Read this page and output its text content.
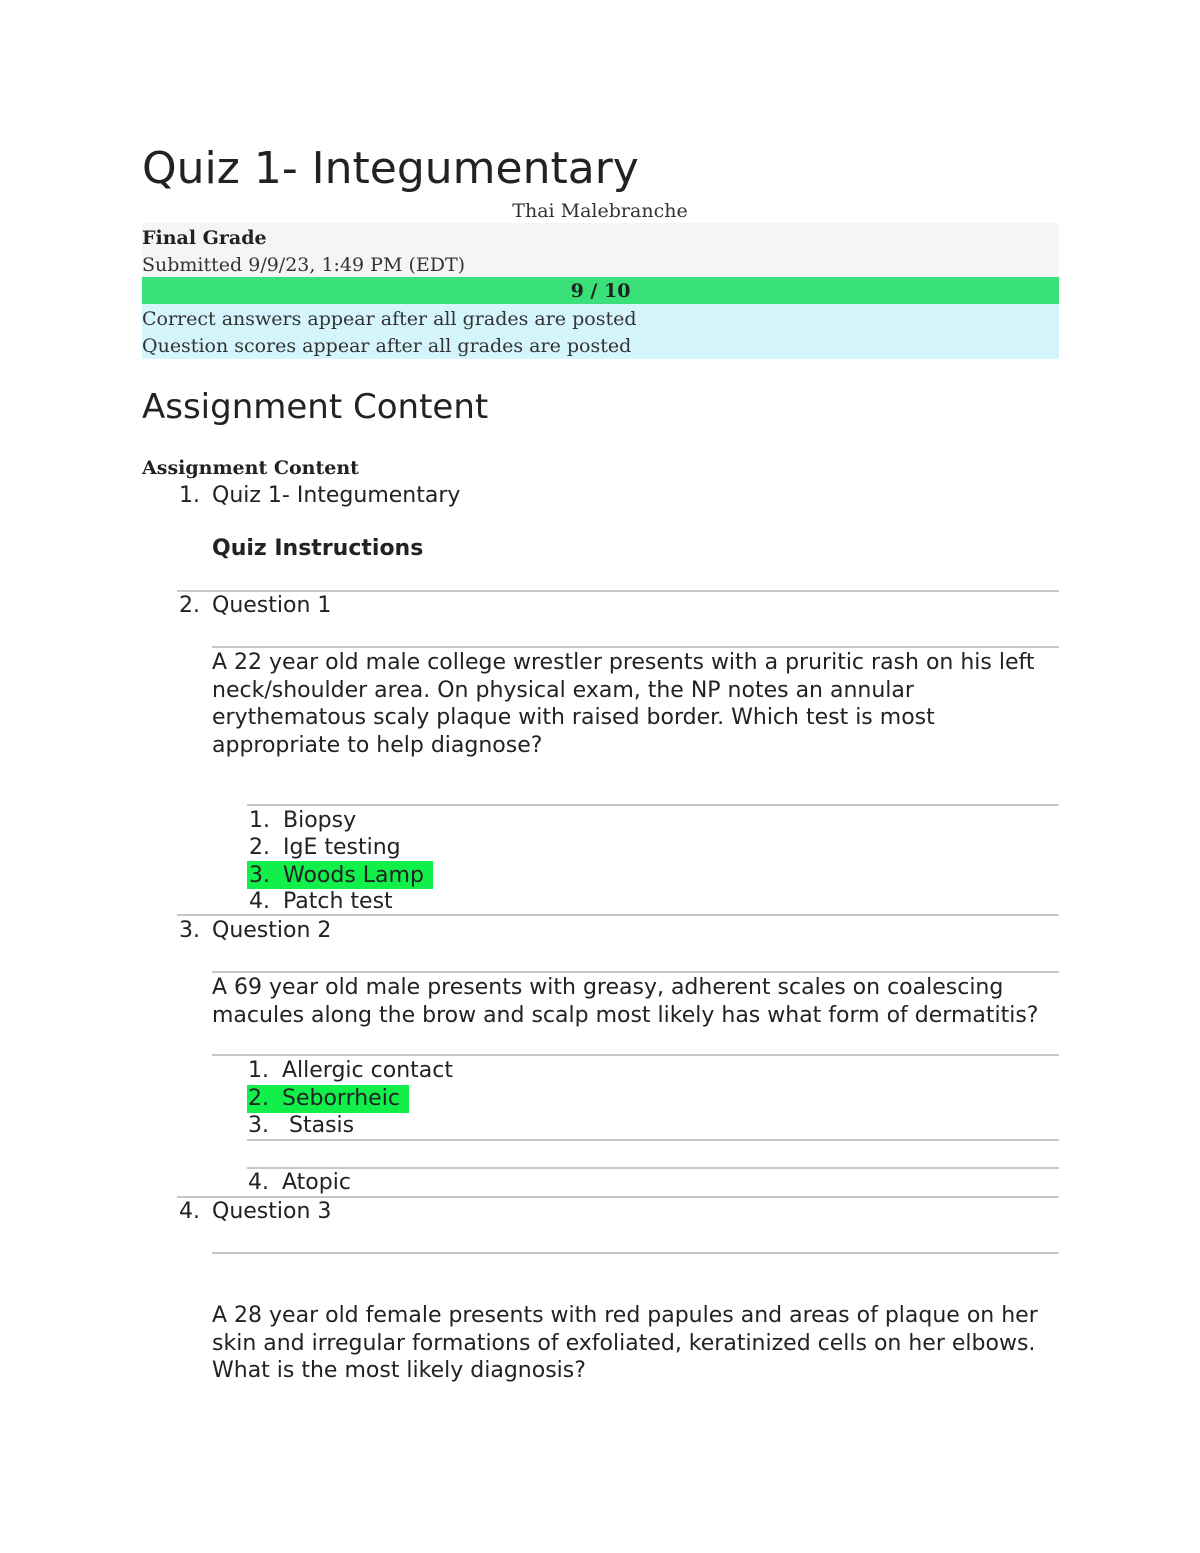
Quiz 1- Integumentary
Thai Malebranche
Final Grade
Submitted 9/9/23, 1:49 PM (EDT)
9 / 10
Correct answers appear after all grades are posted
Question scores appear after all grades are posted
Assignment Content
Assignment Content
1. Quiz 1- Integumentary
Quiz Instructions
2. Question 1
A 22 year old male college wrestler presents with a pruritic rash on his left neck/shoulder area. On physical exam, the NP notes an annular erythematous scaly plaque with raised border. Which test is most appropriate to help diagnose?
1. Biopsy
2. IgE testing
3. Woods Lamp
4. Patch test
3. Question 2
A 69 year old male presents with greasy, adherent scales on coalescing macules along the brow and scalp most likely has what form of dermatitis?
1. Allergic contact
2. Seborrheic
3. Stasis
4. Atopic
4. Question 3
A 28 year old female presents with red papules and areas of plaque on her skin and irregular formations of exfoliated, keratinized cells on her elbows. What is the most likely diagnosis?
